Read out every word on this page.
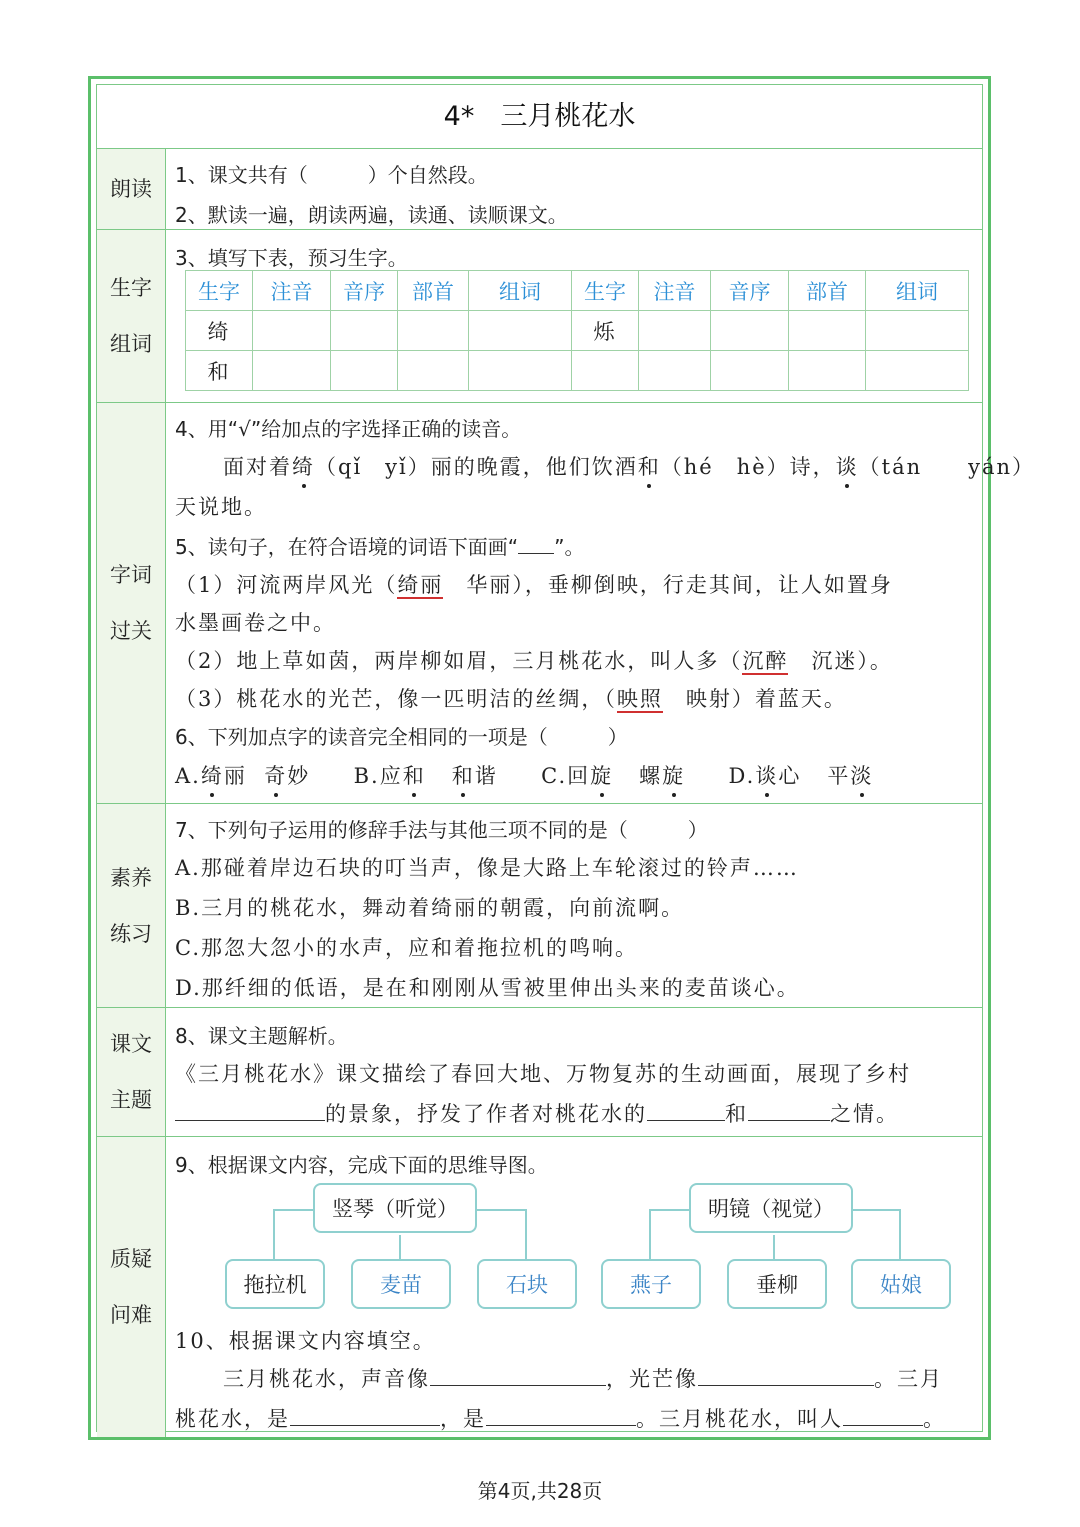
4* 三月桃花水
朗读
1、课文共有（　　　）个自然段。
2、默读一遍，朗读两遍，读通、读顺课文。
生字
组词
3、填写下表，预习生字。
生字	注音	音序	部首	组词	生字	注音	音序	部首	组词
绮					烁				
和									
字词
过关
4、用“√”给加点的字选择正确的读音。
面对着绮（qǐ　yǐ）丽的晚霞，他们饮酒和（hé　hè）诗，谈（tán　　yán）
天说地。
5、读句子，在符合语境的词语下面画“ ”。
（1）河流两岸风光（绮丽　华丽），垂柳倒映，行走其间，让人如置身
水墨画卷之中。
（2）地上草如茵，两岸柳如眉，三月桃花水，叫人多（沉醉　沉迷）。
（3）桃花水的光芒，像一匹明洁的丝绸，（映照　映射）着蓝天。
6、下列加点字的读音完全相同的一项是（　　　）
A.绮丽 奇妙 B.应和 和谐 C.回旋 螺旋 D.谈心 平淡
素养
练习
7、下列句子运用的修辞手法与其他三项不同的是（　　　）
A.那碰着岸边石块的叮当声，像是大路上车轮滚过的铃声……
B.三月的桃花水，舞动着绮丽的朝霞，向前流啊。
C.那忽大忽小的水声，应和着拖拉机的鸣响。
D.那纤细的低语，是在和刚刚从雪被里伸出头来的麦苗谈心。
课文
主题
8、课文主题解析。
《三月桃花水》课文描绘了春回大地、万物复苏的生动画面，展现了乡村
的景象，抒发了作者对桃花水的	和	之情。
质疑
问难
9、根据课文内容，完成下面的思维导图。
竖琴（听觉）
拖拉机	麦苗	石块
明镜（视觉）
燕子	垂柳	姑娘
10、根据课文内容填空。
三月桃花水，声音像	，光芒像	。三月
桃花水，是	，是	。三月桃花水，叫人	。
第4页,共28页
